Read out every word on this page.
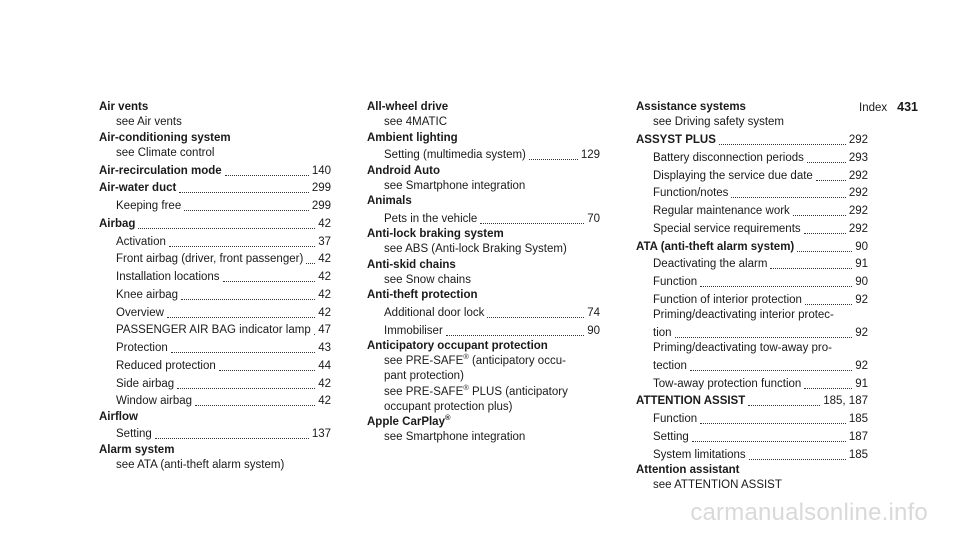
Index 431
Air vents
see Air vents
Air-conditioning system
see Climate control
Air-recirculation mode	140
Air-water duct	299
Keeping free	299
Airbag	42
Activation	37
Front airbag (driver, front passenger) 42
Installation locations	42
Knee airbag	42
Overview	42
PASSENGER AIR BAG indicator lamp 47
Protection	43
Reduced protection	44
Side airbag	42
Window airbag	42
Airflow
Setting	137
Alarm system
see ATA (anti-theft alarm system)
All-wheel drive
see 4MATIC
Ambient lighting
Setting (multimedia system)	129
Android Auto
see Smartphone integration
Animals
Pets in the vehicle	70
Anti-lock braking system
see ABS (Anti-lock Braking System)
Anti-skid chains
see Snow chains
Anti-theft protection
Additional door lock	74
Immobiliser	90
Anticipatory occupant protection
see PRE-SAFE® (anticipatory occu-
pant protection)
see PRE-SAFE® PLUS (anticipatory
occupant protection plus)
Apple CarPlay®
see Smartphone integration
Assistance systems
see Driving safety system
ASSYST PLUS	292
Battery disconnection periods	293
Displaying the service due date	292
Function/notes	292
Regular maintenance work	292
Special service requirements	292
ATA (anti-theft alarm system)	90
Deactivating the alarm	91
Function	90
Function of interior protection	92
Priming/deactivating interior protec-
tion	92
Priming/deactivating tow-away pro-
tection	92
Tow-away protection function	91
ATTENTION ASSIST	185, 187
Function	185
Setting	187
System limitations	185
Attention assistant
see ATTENTION ASSIST
carmanualsonline.info
